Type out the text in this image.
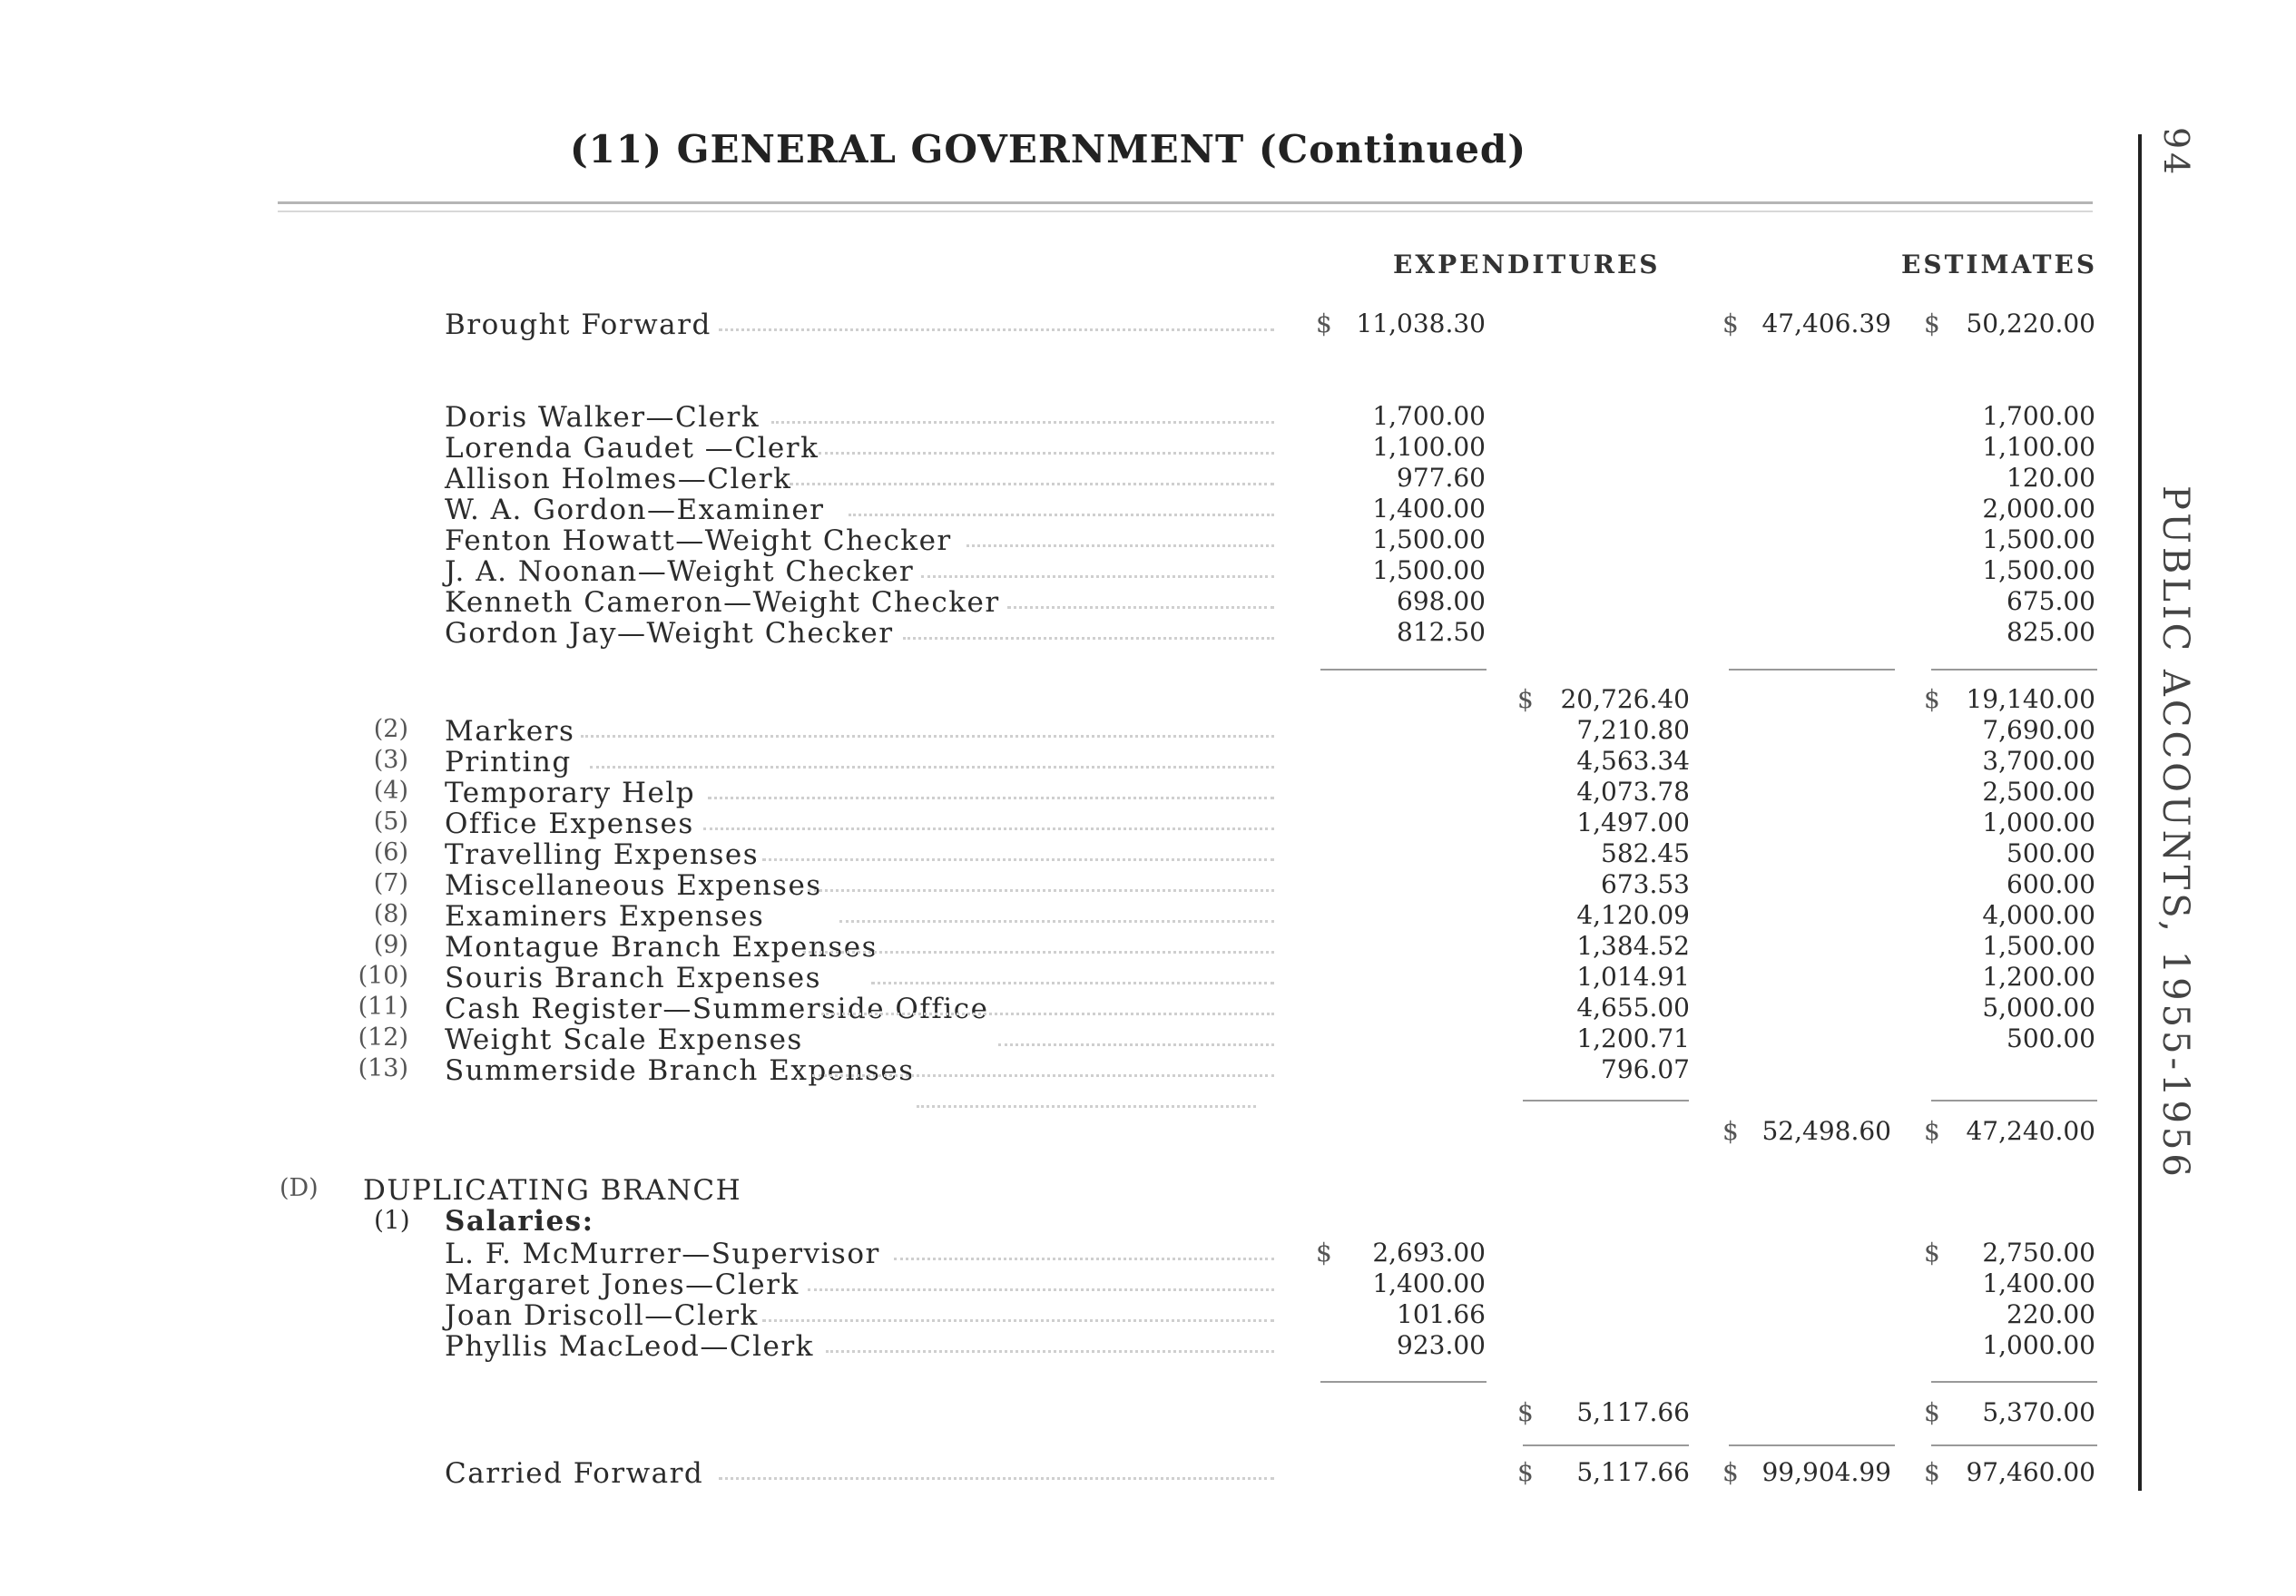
(11) GENERAL GOVERNMENT (Continued)	94
PUBLIC ACCOUNTS, 1955-1956
EXPENDITURES	ESTIMATES
Brought Forward	$ 11,038.30	$ 47,406.39 $ 50,220.00
Doris Walker—Clerk	1,700.00	1,700.00
Lorenda Gaudet —Clerk	1,100.00	1,100.00
Allison Holmes—Clerk	977.60	120.00
W. A. Gordon—Examiner	1,400.00	2,000.00
Fenton Howatt—Weight Checker	1,500.00	1,500.00
J. A. Noonan—Weight Checker	1,500.00	1,500.00
Kenneth Cameron—Weight Checker	698.00	675.00
Gordon Jay—Weight Checker	812.50	825.00
$ 20,726.40	$ 19,140.00
(2) Markers	7,210.80	7,690.00
(3) Printing	4,563.34	3,700.00
(4) Temporary Help	4,073.78	2,500.00
(5) Office Expenses	1,497.00	1,000.00
(6) Travelling Expenses	582.45	500.00
(7) Miscellaneous Expenses	673.53	600.00
(8) Examiners Expenses	4,120.09	4,000.00
(9) Montague Branch Expenses	1,384.52	1,500.00
(10) Souris Branch Expenses	1,014.91	1,200.00
(11) Cash Register—Summerside Office	4,655.00	5,000.00
(12) Weight Scale Expenses	1,200.71	500.00
(13) Summerside Branch Expenses	796.07
$ 52,498.60 $ 47,240.00
(D) DUPLICATING BRANCH
(1) Salaries:
L. F. McMurrer—Supervisor	$ 2,693.00	$ 2,750.00
Margaret Jones—Clerk	1,400.00	1,400.00
Joan Driscoll—Clerk	101.66	220.00
Phyllis MacLeod—Clerk	923.00	1,000.00
$ 5,117.66	$ 5,370.00
Carried Forward	$ 5,117.66 $ 99,904.99 $ 97,460.00
